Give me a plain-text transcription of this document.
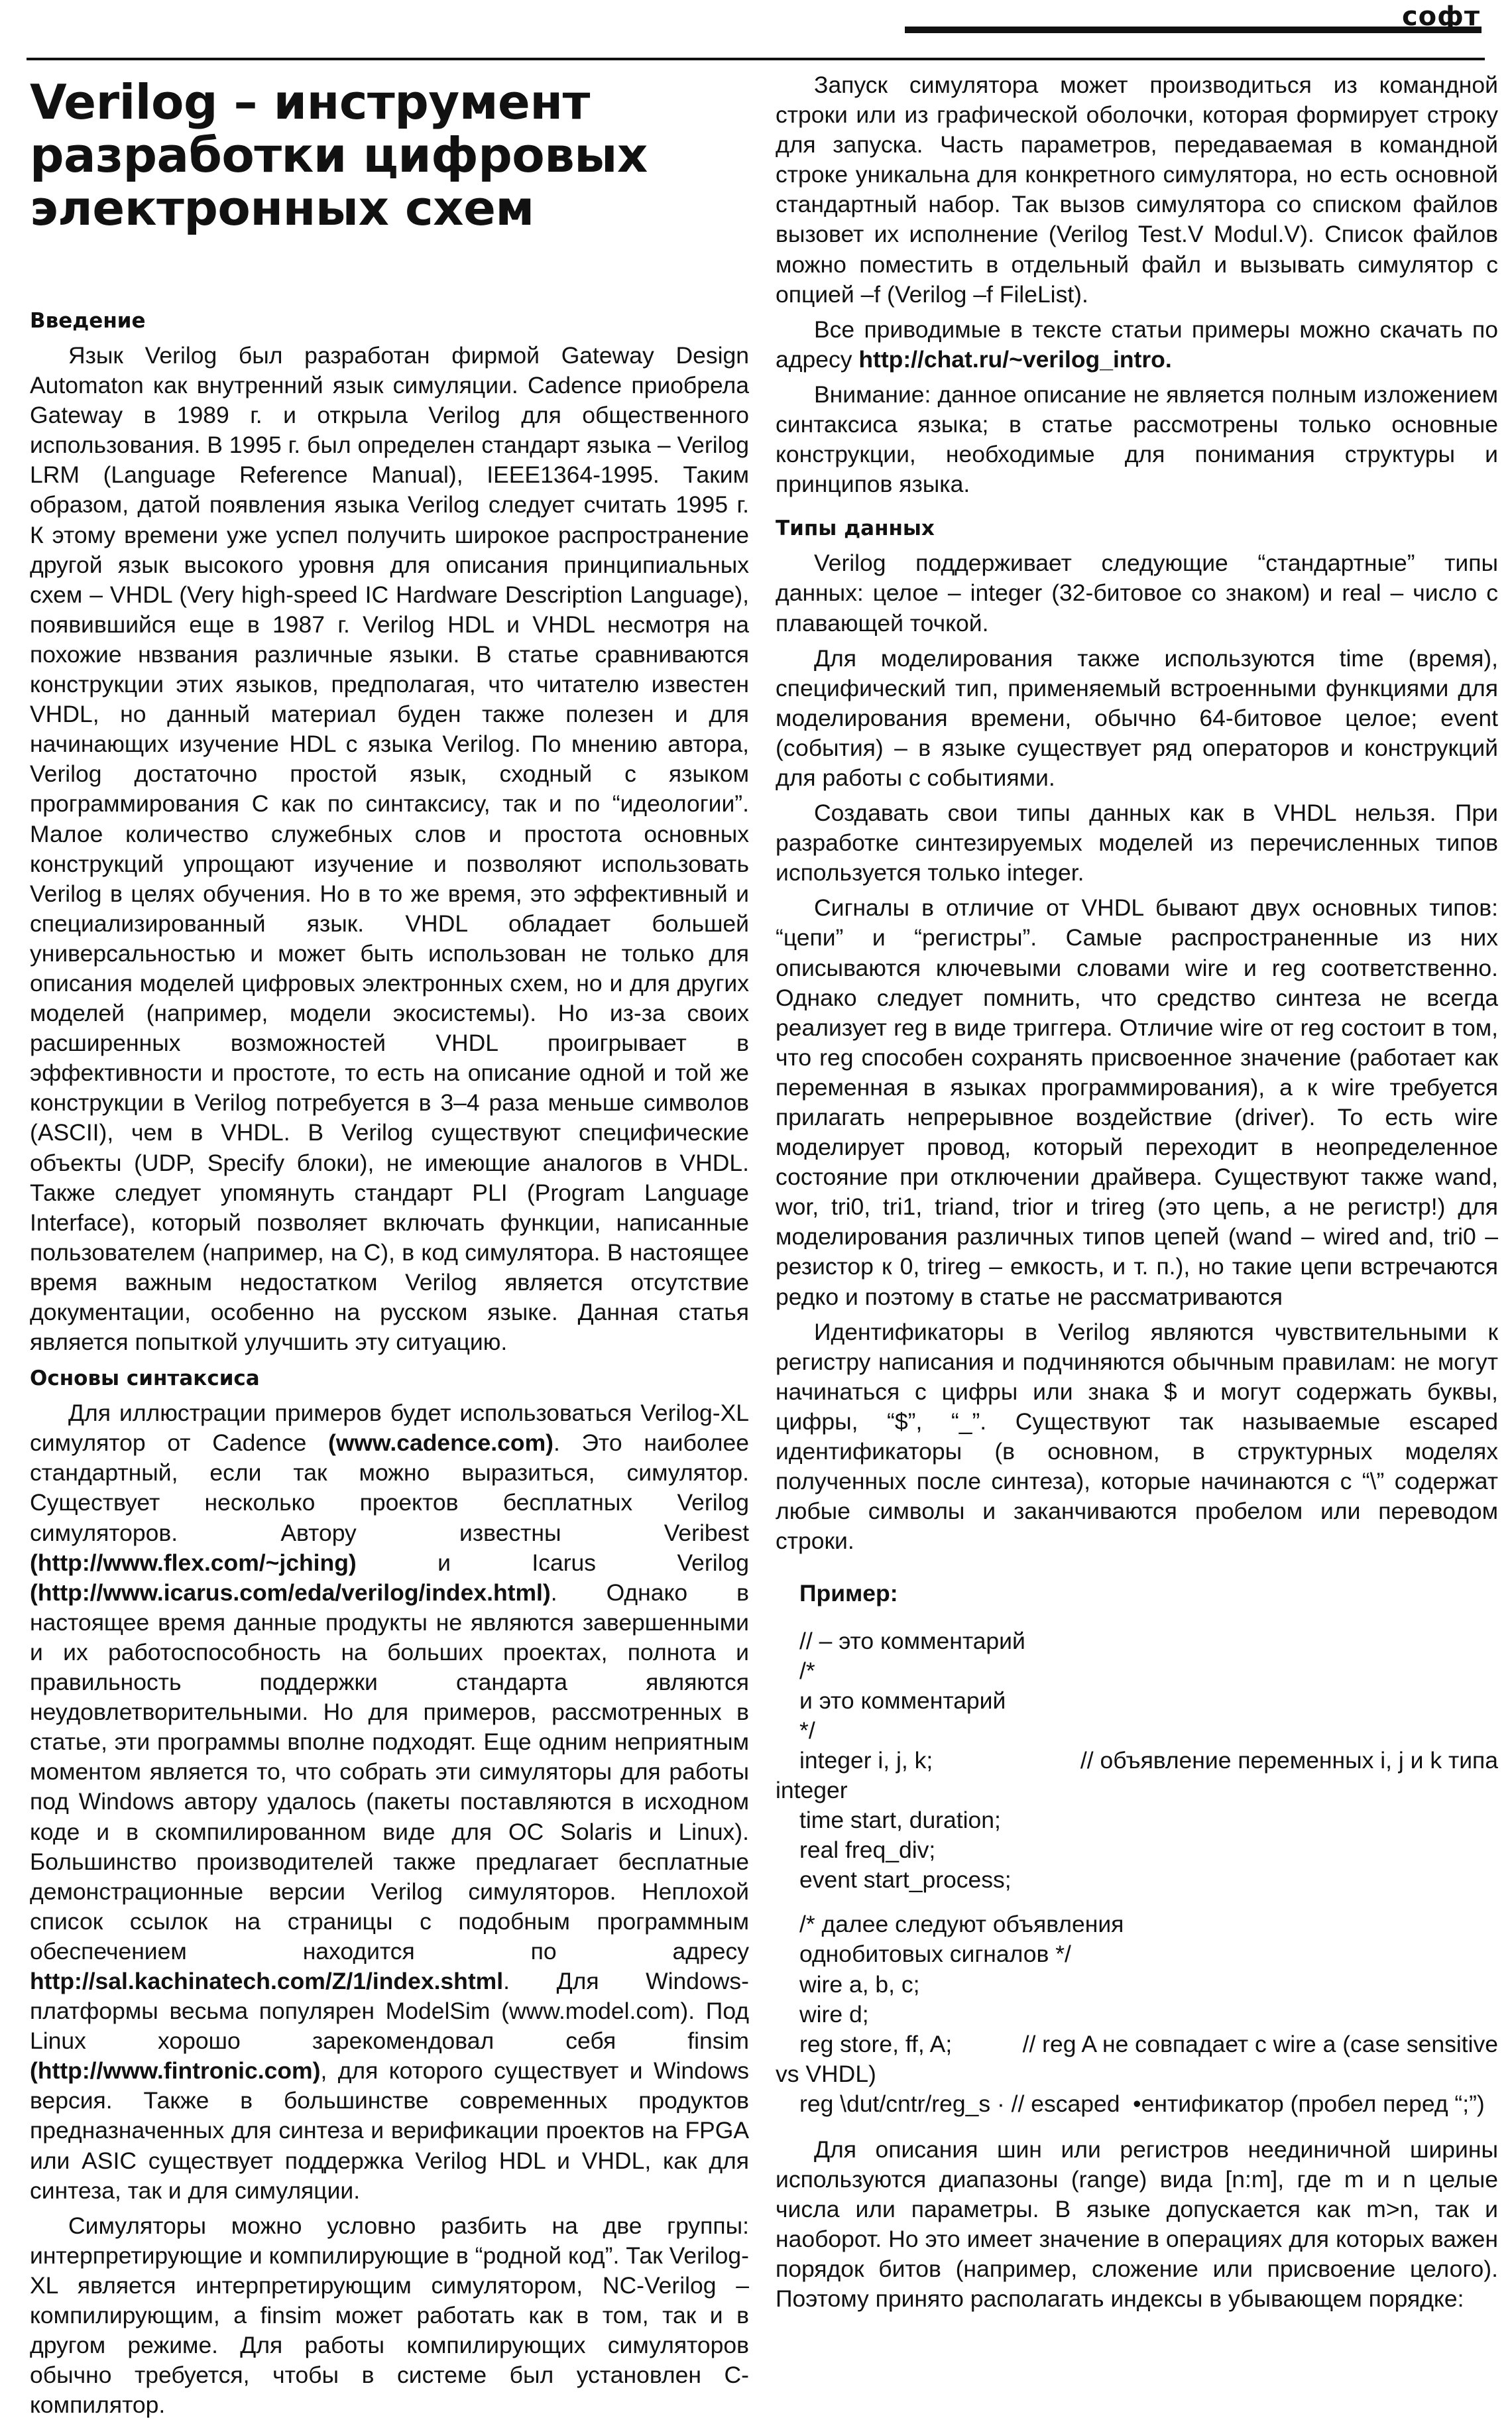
софт
Verilog – инструмент разработки цифровых электронных схем
Введение

Язык Verilog был разработан фирмой Gateway Design Automaton как внутренний язык симуляции. Cadence приобрела Gateway в 1989 г. и открыла Verilog для общественного использования. В 1995 г. был определен стандарт языка – Verilog LRM (Language Reference Manual), IEEE1364-1995. Таким образом, датой появления языка Verilog следует считать 1995 г. К этому времени уже успел получить широкое распространение другой язык высокого уровня для описания принципиальных схем – VHDL (Very high-speed IC Hardware Description Language), появившийся еще в 1987 г. Verilog HDL и VHDL несмотря на похожие нвзвания различные языки. В статье сравниваются конструкции этих языков, предполагая, что читателю известен VHDL, но данный материал буден также полезен и для начинающих изучение HDL с языка Verilog. По мнению автора, Verilog достаточно простой язык, сходный с языком программирования С как по синтаксису, так и по “идеологии”. Малое количество служебных слов и простота основных конструкций упрощают изучение и позволяют использовать Verilog в целях обучения. Но в то же время, это эффективный и специализированный язык. VHDL обладает большей универсальностью и может быть использован не только для описания моделей цифровых электронных схем, но и для других моделей (например, модели экосистемы). Но из-за своих расширенных возможностей VHDL проигрывает в эффективности и простоте, то есть на описание одной и той же конструкции в Verilog потребуется в 3–4 раза меньше символов (ASCII), чем в VHDL. В Verilog существуют специфические объекты (UDP, Specify блоки), не имеющие аналогов в VHDL. Также следует упомянуть стандарт PLI (Program Language Interface), который позволяет включать функции, написанные пользователем (например, на С), в код симулятора. В настоящее время важным недостатком Verilog является отсутствие документации, особенно на русском языке. Данная статья является попыткой улучшить эту ситуацию.

Основы синтаксиса

Для иллюстрации примеров будет использоваться Verilog-XL симулятор от Cadence (www.cadence.com). Это наиболее стандартный, если так можно выразиться, симулятор. Существует несколько проектов бесплатных Verilog симуляторов. Автору известны Veribest (http://www.flex.com/~jching) и Icarus Verilog (http://www.icarus.com/eda/verilog/index.html). Однако в настоящее время данные продукты не являются завершенными и их работоспособность на больших проектах, полнота и правильность поддержки стандарта являются неудовлетворительными. Но для примеров, рассмотренных в статье, эти программы вполне подходят. Еще одним неприятным моментом является то, что собрать эти симуляторы для работы под Windows автору удалось (пакеты поставляются в исходном коде и в скомпилированном виде для ОС Solaris и Linux). Большинство производителей также предлагает бесплатные демонстрационные версии Verilog симуляторов. Неплохой список ссылок на страницы с подобным программным обеспечением находится по адресу http://sal.kachinatech.com/Z/1/index.shtml. Для Windows-платформы весьма популярен ModelSim (www.model.com). Под Linux хорошо зарекомендовал себя finsim (http://www.fintronic.com), для которого существует и Windows версия. Также в большинстве современных продуктов предназначенных для синтеза и верификации проектов на FPGA или ASIC существует поддержка Verilog HDL и VHDL, как для синтеза, так и для симуляции.

Симуляторы можно условно разбить на две группы: интерпретирующие и компилирующие в “родной код”. Так Verilog-XL является интерпретирующим симулятором, NC-Verilog – компилирующим, а finsim может работать как в том, так и в другом режиме. Для работы компилирующих симуляторов обычно требуется, чтобы в системе был установлен С-компилятор.

Запуск симулятора может производиться из командной строки или из графической оболочки, которая формирует строку для запуска. Часть параметров, передаваемая в командной строке уникальна для конкретного симулятора, но есть основной стандартный набор. Так вызов симулятора со списком файлов вызовет их исполнение (Verilog Test.V Modul.V). Список файлов можно поместить в отдельный файл и вызывать симулятор с опцией –f (Verilog –f FileList).

Все приводимые в тексте статьи примеры можно скачать по адресу http://chat.ru/~verilog_intro.

Внимание: данное описание не является полным изложением синтаксиса языка; в статье рассмотрены только основные конструкции, необходимые для понимания структуры и принципов языка.

Типы данных

Verilog поддерживает следующие “стандартные” типы данных: целое – integer (32-битовое со знаком) и real – число с плавающей точкой.

Для моделирования также используются time (время), специфический тип, применяемый встроенными функциями для моделирования времени, обычно 64-битовое целое; event (события) – в языке существует ряд операторов и конструкций для работы с событиями.

Создавать свои типы данных как в VHDL нельзя. При разработке синтезируемых моделей из перечисленных типов используется только integer.

Сигналы в отличие от VHDL бывают двух основных типов: “цепи” и “регистры”. Самые распространенные из них описываются ключевыми словами wire и reg соответственно. Однако следует помнить, что средство синтеза не всегда реализует reg в виде триггера. Отличие wire от reg состоит в том, что reg способен сохранять присвоенное значение (работает как переменная в языках программирования), а к wire требуется прилагать непрерывное воздействие (driver). То есть wire моделирует провод, который переходит в неопределенное состояние при отключении драйвера. Существуют также wand, wor, tri0, tri1, triand, trior и trireg (это цепь, а не регистр!) для моделирования различных типов цепей (wand – wired and, tri0 – резистор к 0, trireg – емкость, и т. п.), но такие цепи встречаются редко и поэтому в статье не рассматриваются

Идентификаторы в Verilog являются чувствительными к регистру написания и подчиняются обычным правилам: не могут начинаться с цифры или знака $ и могут содержать буквы, цифры, “$”, “_”. Существуют так называемые escaped идентификаторы (в основном, в структурных моделях полученных после синтеза), которые начинаются с “\” содержат любые символы и заканчиваются пробелом или переводом строки.

Пример:
// – это комментарий
/*
и это комментарий
*/
integer i, j, k;	// объявление переменных i, j и k типа
integer
time start, duration;
real freq_div;
event start_process;
/* далее следуют объявления
однобитовых сигналов */
wire a, b, c;
wire d;
reg store, ff, A;	// reg A не совпадает с wire a (case sensitive
vs VHDL)
reg \dut/cntr/reg_s · // escaped  •ентификатор (пробел перед “;”)

Для описания шин или регистров неединичной ширины используются диапазоны (range) вида [n:m], где m и n целые числа или параметры. В языке допускается как m>n, так и наоборот. Но это имеет значение в операциях для которых важен порядок битов (например, сложение или присвоение целого). Поэтому принято располагать индексы в убывающем порядке:
